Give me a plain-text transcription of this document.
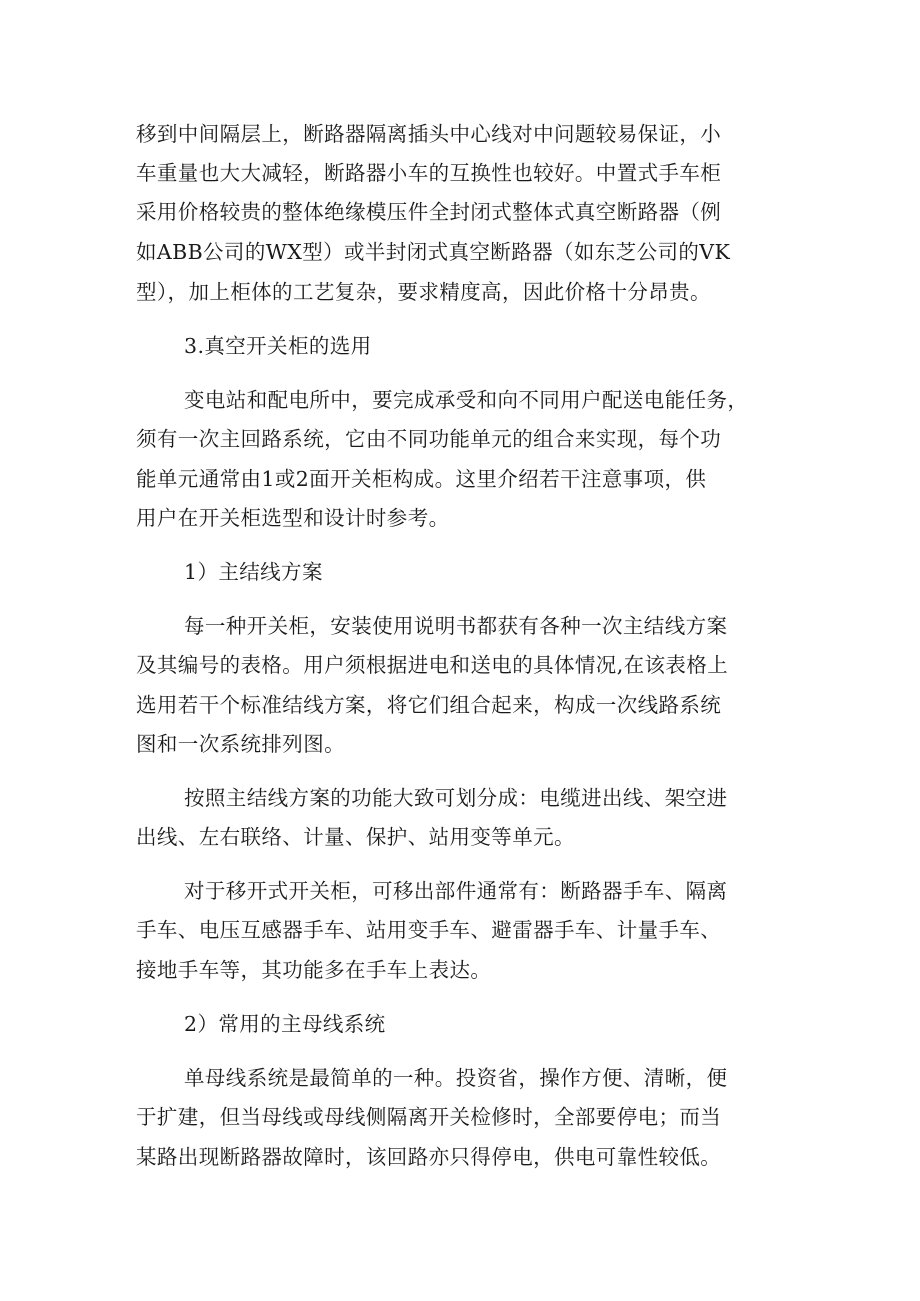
移到中间隔层上，断路器隔离插头中心线对中问题较易保证，小
车重量也大大减轻，断路器小车的互换性也较好。中置式手车柜
采用价格较贵的整体绝缘模压件全封闭式整体式真空断路器（例
如ABB公司的WX型）或半封闭式真空断路器（如东芝公司的VK
型），加上柜体的工艺复杂，要求精度高，因此价格十分昂贵。
3.真空开关柜的选用
变电站和配电所中，要完成承受和向不同用户配送电能任务，
须有一次主回路系统，它由不同功能单元的组合来实现，每个功
能单元通常由1或2面开关柜构成。这里介绍若干注意事项，供
用户在开关柜选型和设计时参考。
1）主结线方案
每一种开关柜，安装使用说明书都获有各种一次主结线方案
及其编号的表格。用户须根据进电和送电的具体情况,在该表格上
选用若干个标准结线方案，将它们组合起来，构成一次线路系统
图和一次系统排列图。
按照主结线方案的功能大致可划分成：电缆进出线、架空进
出线、左右联络、计量、保护、站用变等单元。
对于移开式开关柜，可移出部件通常有：断路器手车、隔离
手车、电压互感器手车、站用变手车、避雷器手车、计量手车、
接地手车等，其功能多在手车上表达。
2）常用的主母线系统
单母线系统是最简单的一种。投资省，操作方便、清晰，便
于扩建，但当母线或母线侧隔离开关检修时，全部要停电；而当
某路出现断路器故障时，该回路亦只得停电，供电可靠性较低。
